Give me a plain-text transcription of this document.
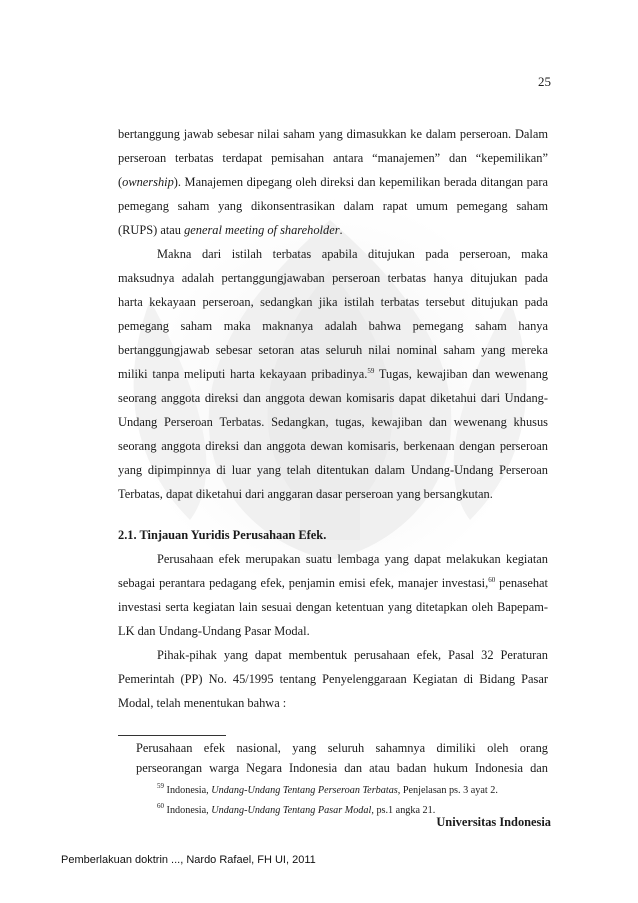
25
bertanggung jawab sebesar nilai saham yang dimasukkan ke dalam perseroan. Dalam
perseroan terbatas terdapat pemisahan antara “manajemen” dan “kepemilikan”
(ownership). Manajemen dipegang oleh direksi dan kepemilikan berada ditangan para
pemegang saham yang dikonsentrasikan dalam rapat umum pemegang saham
(RUPS) atau general meeting of shareholder.
Makna dari istilah terbatas apabila ditujukan pada perseroan, maka
maksudnya adalah pertanggungjawaban perseroan terbatas hanya ditujukan pada
harta kekayaan perseroan, sedangkan jika istilah terbatas tersebut ditujukan pada
pemegang saham maka maknanya adalah bahwa pemegang saham hanya
bertanggungjawab sebesar setoran atas seluruh nilai nominal saham yang mereka
miliki tanpa meliputi harta kekayaan pribadinya.$^{59}$ Tugas, kewajiban dan wewenang
seorang anggota direksi dan anggota dewan komisaris dapat diketahui dari Undang-
Undang Perseroan Terbatas. Sedangkan, tugas, kewajiban dan wewenang khusus
seorang anggota direksi dan anggota dewan komisaris, berkenaan dengan perseroan
yang dipimpinnya di luar yang telah ditentukan dalam Undang-Undang Perseroan
Terbatas, dapat diketahui dari anggaran dasar perseroan yang bersangkutan.
2.1. Tinjauan Yuridis Perusahaan Efek.
Perusahaan efek merupakan suatu lembaga yang dapat melakukan kegiatan
sebagai perantara pedagang efek, penjamin emisi efek, manajer investasi,$^{60}$ penasehat
investasi serta kegiatan lain sesuai dengan ketentuan yang ditetapkan oleh Bapepam-
LK dan Undang-Undang Pasar Modal.
Pihak-pihak yang dapat membentuk perusahaan efek, Pasal 32 Peraturan
Pemerintah (PP) No. 45/1995 tentang Penyelenggaraan Kegiatan di Bidang Pasar
Modal, telah menentukan bahwa :
Perusahaan efek nasional, yang seluruh sahamnya dimiliki oleh orang
perseorangan warga Negara Indonesia dan atau badan hukum Indonesia dan
$^{59}$ Indonesia, Undang-Undang Tentang Perseroan Terbatas, Penjelasan ps. 3 ayat 2.
$^{60}$ Indonesia, Undang-Undang Tentang Pasar Modal, ps.1 angka 21.
Universitas Indonesia
Pemberlakuan doktrin ..., Nardo Rafael, FH UI, 2011
